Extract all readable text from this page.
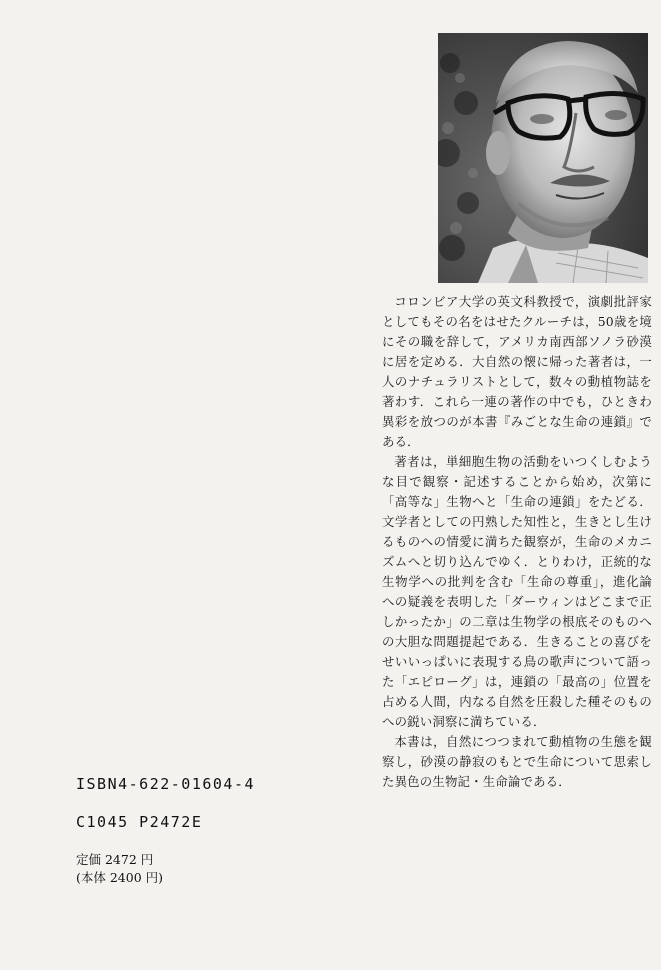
コロンビア大学の英文科教授で，演劇批評家としてもその名をはせたクルーチは，50歳を境にその職を辞して，アメリカ南西部ソノラ砂漠に居を定める．大自然の懐に帰った著者は，一人のナチュラリストとして，数々の動植物誌を著わす．これら一連の著作の中でも，ひときわ異彩を放つのが本書『みごとな生命の連鎖』である．

著者は，単細胞生物の活動をいつくしむような目で観察・記述することから始め，次第に「高等な」生物へと「生命の連鎖」をたどる．文学者としての円熟した知性と，生きとし生けるものへの情愛に満ちた観察が，生命のメカニズムへと切り込んでゆく．とりわけ，正統的な生物学への批判を含む「生命の尊重」，進化論への疑義を表明した「ダーウィンはどこまで正しかったか」の二章は生物学の根底そのものへの大胆な問題提起である．生きることの喜びをせいいっぱいに表現する鳥の歌声について語った「エピローグ」は，連鎖の「最高の」位置を占める人間，内なる自然を圧殺した種そのものへの鋭い洞察に満ちている．

本書は，自然につつまれて動植物の生態を観察し，砂漠の静寂のもとで生命について思索した異色の生物記・生命論である．

ISBN4-622-01604-4
C1045 P2472E
定価 2472 円
(本体 2400 円)
